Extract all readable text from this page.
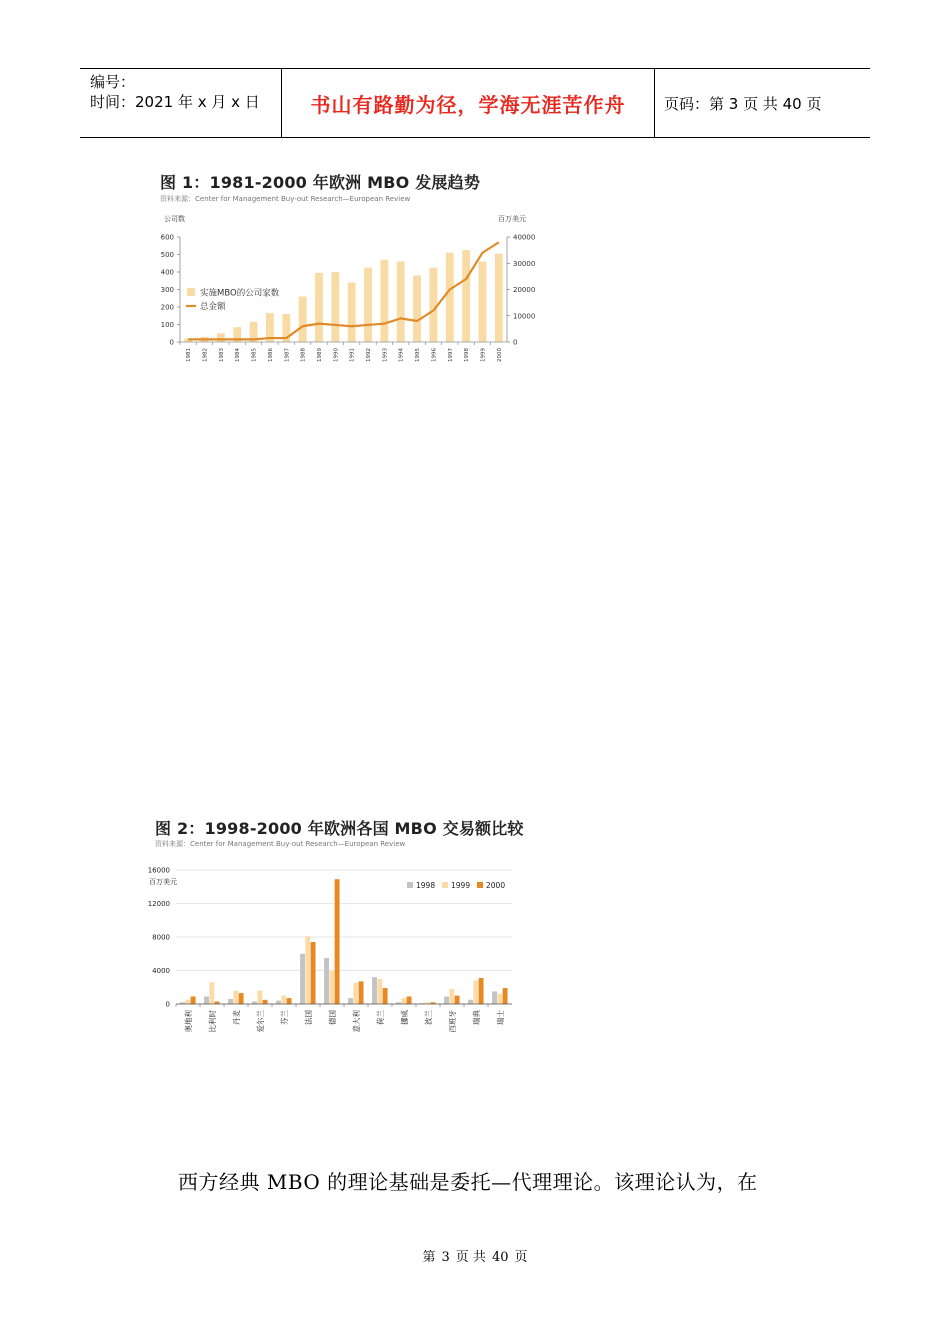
编号：
时间：2021 年 x 月 x 日	书山有路勤为径，学海无涯苦作舟	页码：第 3 页 共 40 页
图 1：1981-2000 年欧洲 MBO 发展趋势
资料来源：Center for Management Buy-out Research—European Review
公司数	百万美元
0
100
200
300
400
500
600
0
10000
20000
30000
40000
1981 1982 1983 1984 1985 1986 1987 1988 1989 1990 1991 1992 1993 1994 1995 1996 1997 1998 1999 2000
实施MBO的公司家数
总金额
图 2：1998-2000 年欧洲各国 MBO 交易额比较
资料来源：Center for Management Buy-out Research—European Review
百万美元
0
4000
8000
12000
16000
奥地利 比利时 丹麦 爱尔兰 芬兰 法国 德国 意大利 荷兰 挪威 波兰 西班牙 瑞典 瑞士
1998 1999 2000
西方经典 MBO 的理论基础是委托—代理理论。该理论认为，在
第 3 页 共 40 页
